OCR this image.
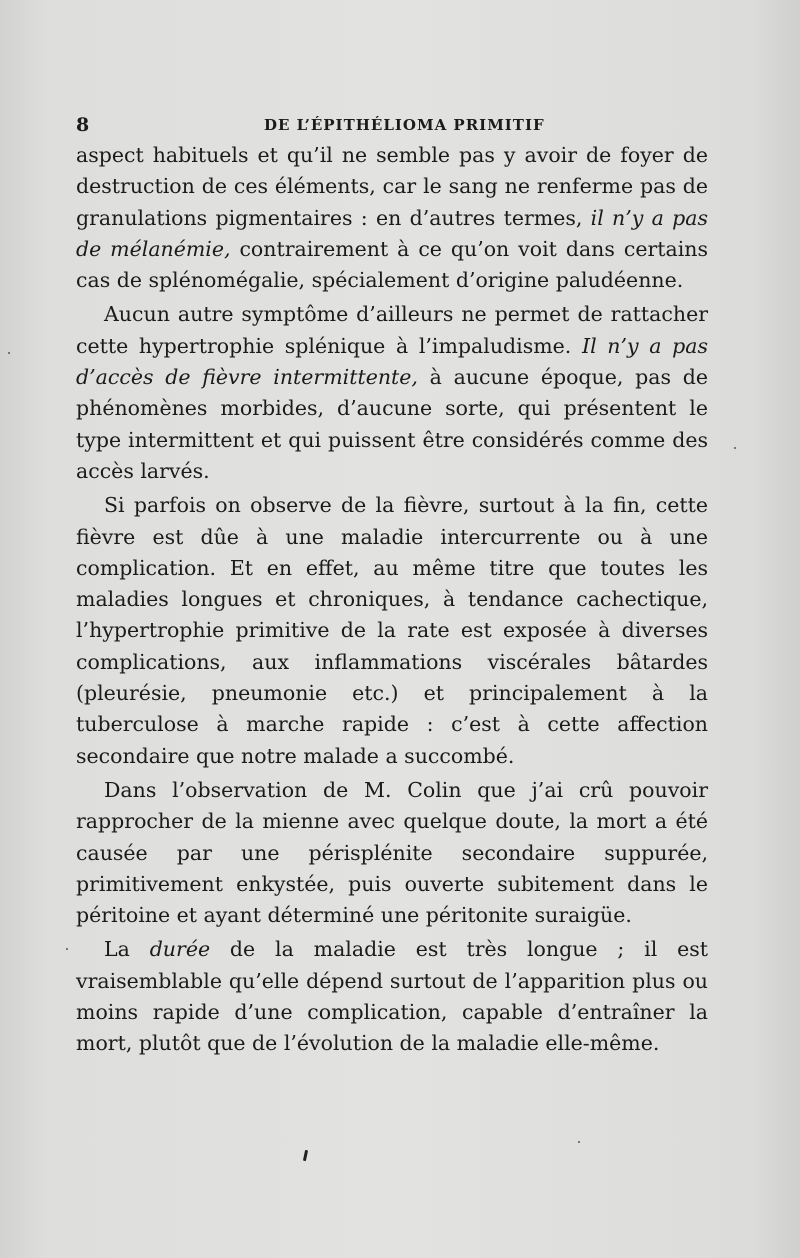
8	DE L’ÉPITHÉLIOMA PRIMITIF

aspect habituels et qu’il ne semble pas y avoir de foyer de destruction de ces éléments, car le sang ne renferme pas de granulations pigmentaires : en d’autres termes, il n’y a pas de mélanémie, contrairement à ce qu’on voit dans certains cas de splénomégalie, spécialement d’origine paludéenne.

Aucun autre symptôme d’ailleurs ne permet de rattacher cette hypertrophie splénique à l’impaludisme. Il n’y a pas d’accès de fièvre intermittente, à aucune époque, pas de phénomènes morbides, d’aucune sorte, qui présentent le type intermittent et qui puissent être considérés comme des accès larvés.

Si parfois on observe de la fièvre, surtout à la fin, cette fièvre est dûe à une maladie intercurrente ou à une complication. Et en effet, au même titre que toutes les maladies longues et chroniques, à tendance cachectique, l’hypertrophie primitive de la rate est exposée à diverses complications, aux inflammations viscérales bâtardes (pleurésie, pneumonie etc.) et principalement à la tuberculose à marche rapide : c’est à cette affection secondaire que notre malade a succombé.

Dans l’observation de M. Colin que j’ai crû pouvoir rapprocher de la mienne avec quelque doute, la mort a été causée par une périsplénite secondaire suppurée, primitivement enkystée, puis ouverte subitement dans le péritoine et ayant déterminé une péritonite suraigüe.

La durée de la maladie est très longue ; il est vraisemblable qu’elle dépend surtout de l’apparition plus ou moins rapide d’une complication, capable d’entraîner la mort, plutôt que de l’évolution de la maladie elle-même.
